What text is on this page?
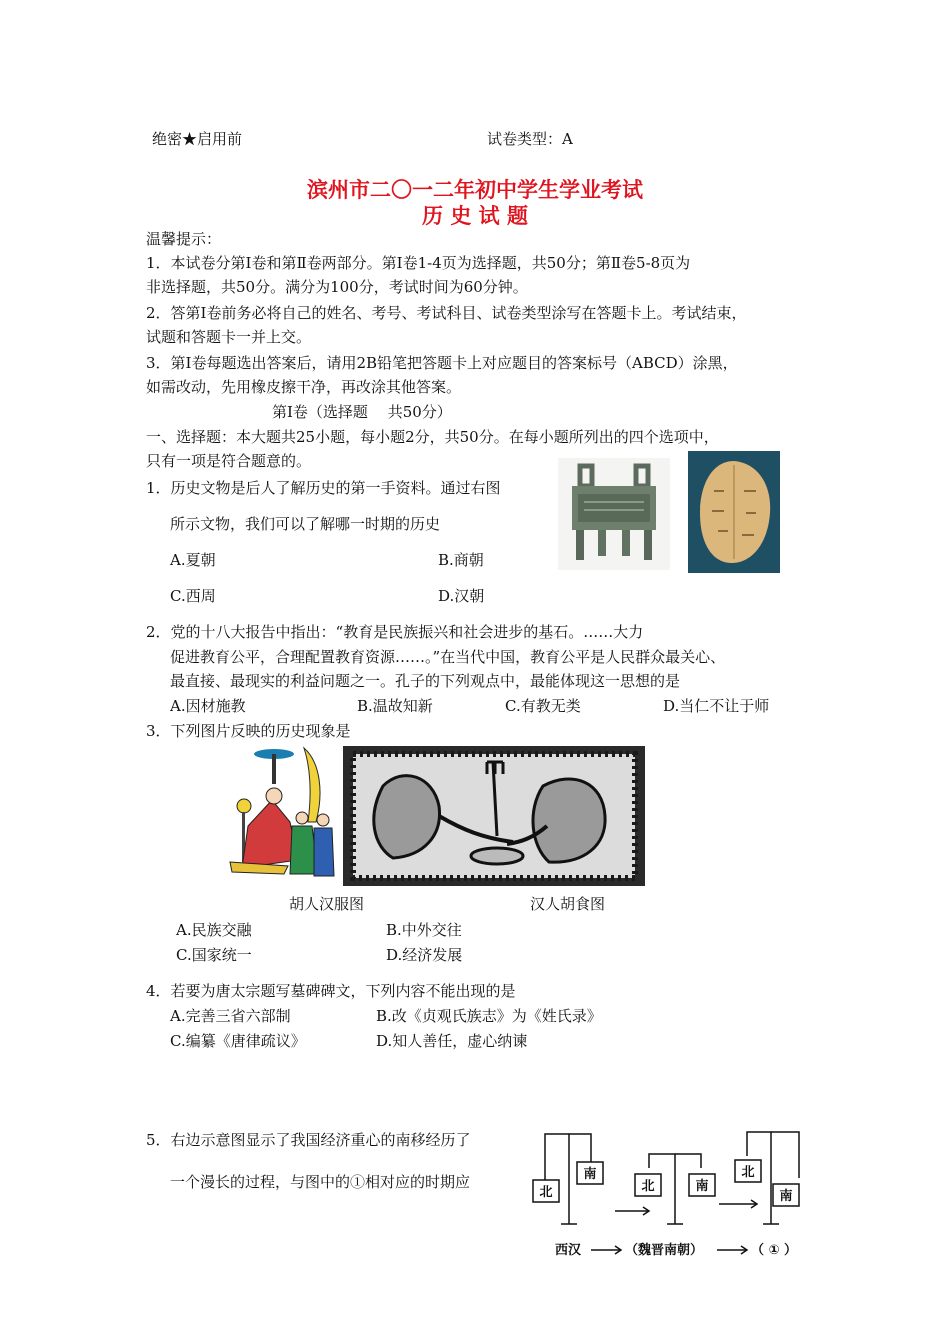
绝密★启用前	试卷类型：A
滨州市二〇一二年初中学生学业考试
历 史 试 题
温馨提示：
1．本试卷分第Ⅰ卷和第Ⅱ卷两部分。第Ⅰ卷1-4页为选择题，共50分；第Ⅱ卷5-8页为
非选择题，共50分。满分为100分，考试时间为60分钟。
2．答第Ⅰ卷前务必将自己的姓名、考号、考试科目、试卷类型涂写在答题卡上。考试结束，
试题和答题卡一并上交。
3．第Ⅰ卷每题选出答案后，请用2B铅笔把答题卡上对应题目的答案标号（ABCD）涂黑，
如需改动，先用橡皮擦干净，再改涂其他答案。
第Ⅰ卷（选择题　 共50分）
一、选择题：本大题共25小题，每小题2分，共50分。在每小题所列出的四个选项中，
只有一项是符合题意的。
1．历史文物是后人了解历史的第一手资料。通过右图
所示文物，我们可以了解哪一时期的历史
A.夏朝	B.商朝
C.西周	D.汉朝
2．党的十八大报告中指出：“教育是民族振兴和社会进步的基石。……大力
促进教育公平，合理配置教育资源……。”在当代中国，教育公平是人民群众最关心、
最直接、最现实的利益问题之一。孔子的下列观点中，最能体现这一思想的是
A.因材施教	B.温故知新	C.有教无类	D.当仁不让于师
3．下列图片反映的历史现象是
胡人汉服图	汉人胡食图
A.民族交融	B.中外交往
C.国家统一	D.经济发展
4．若要为唐太宗题写墓碑碑文，下列内容不能出现的是
A.完善三省六部制	B.改《贞观氏族志》为《姓氏录》
C.编纂《唐律疏议》	D.知人善任，虚心纳谏
5．右边示意图显示了我国经济重心的南移经历了
一个漫长的过程，与图中的①相对应的时期应
北
南
北	南
北
南
西汉	（魏晋南朝）	（ ① ）
